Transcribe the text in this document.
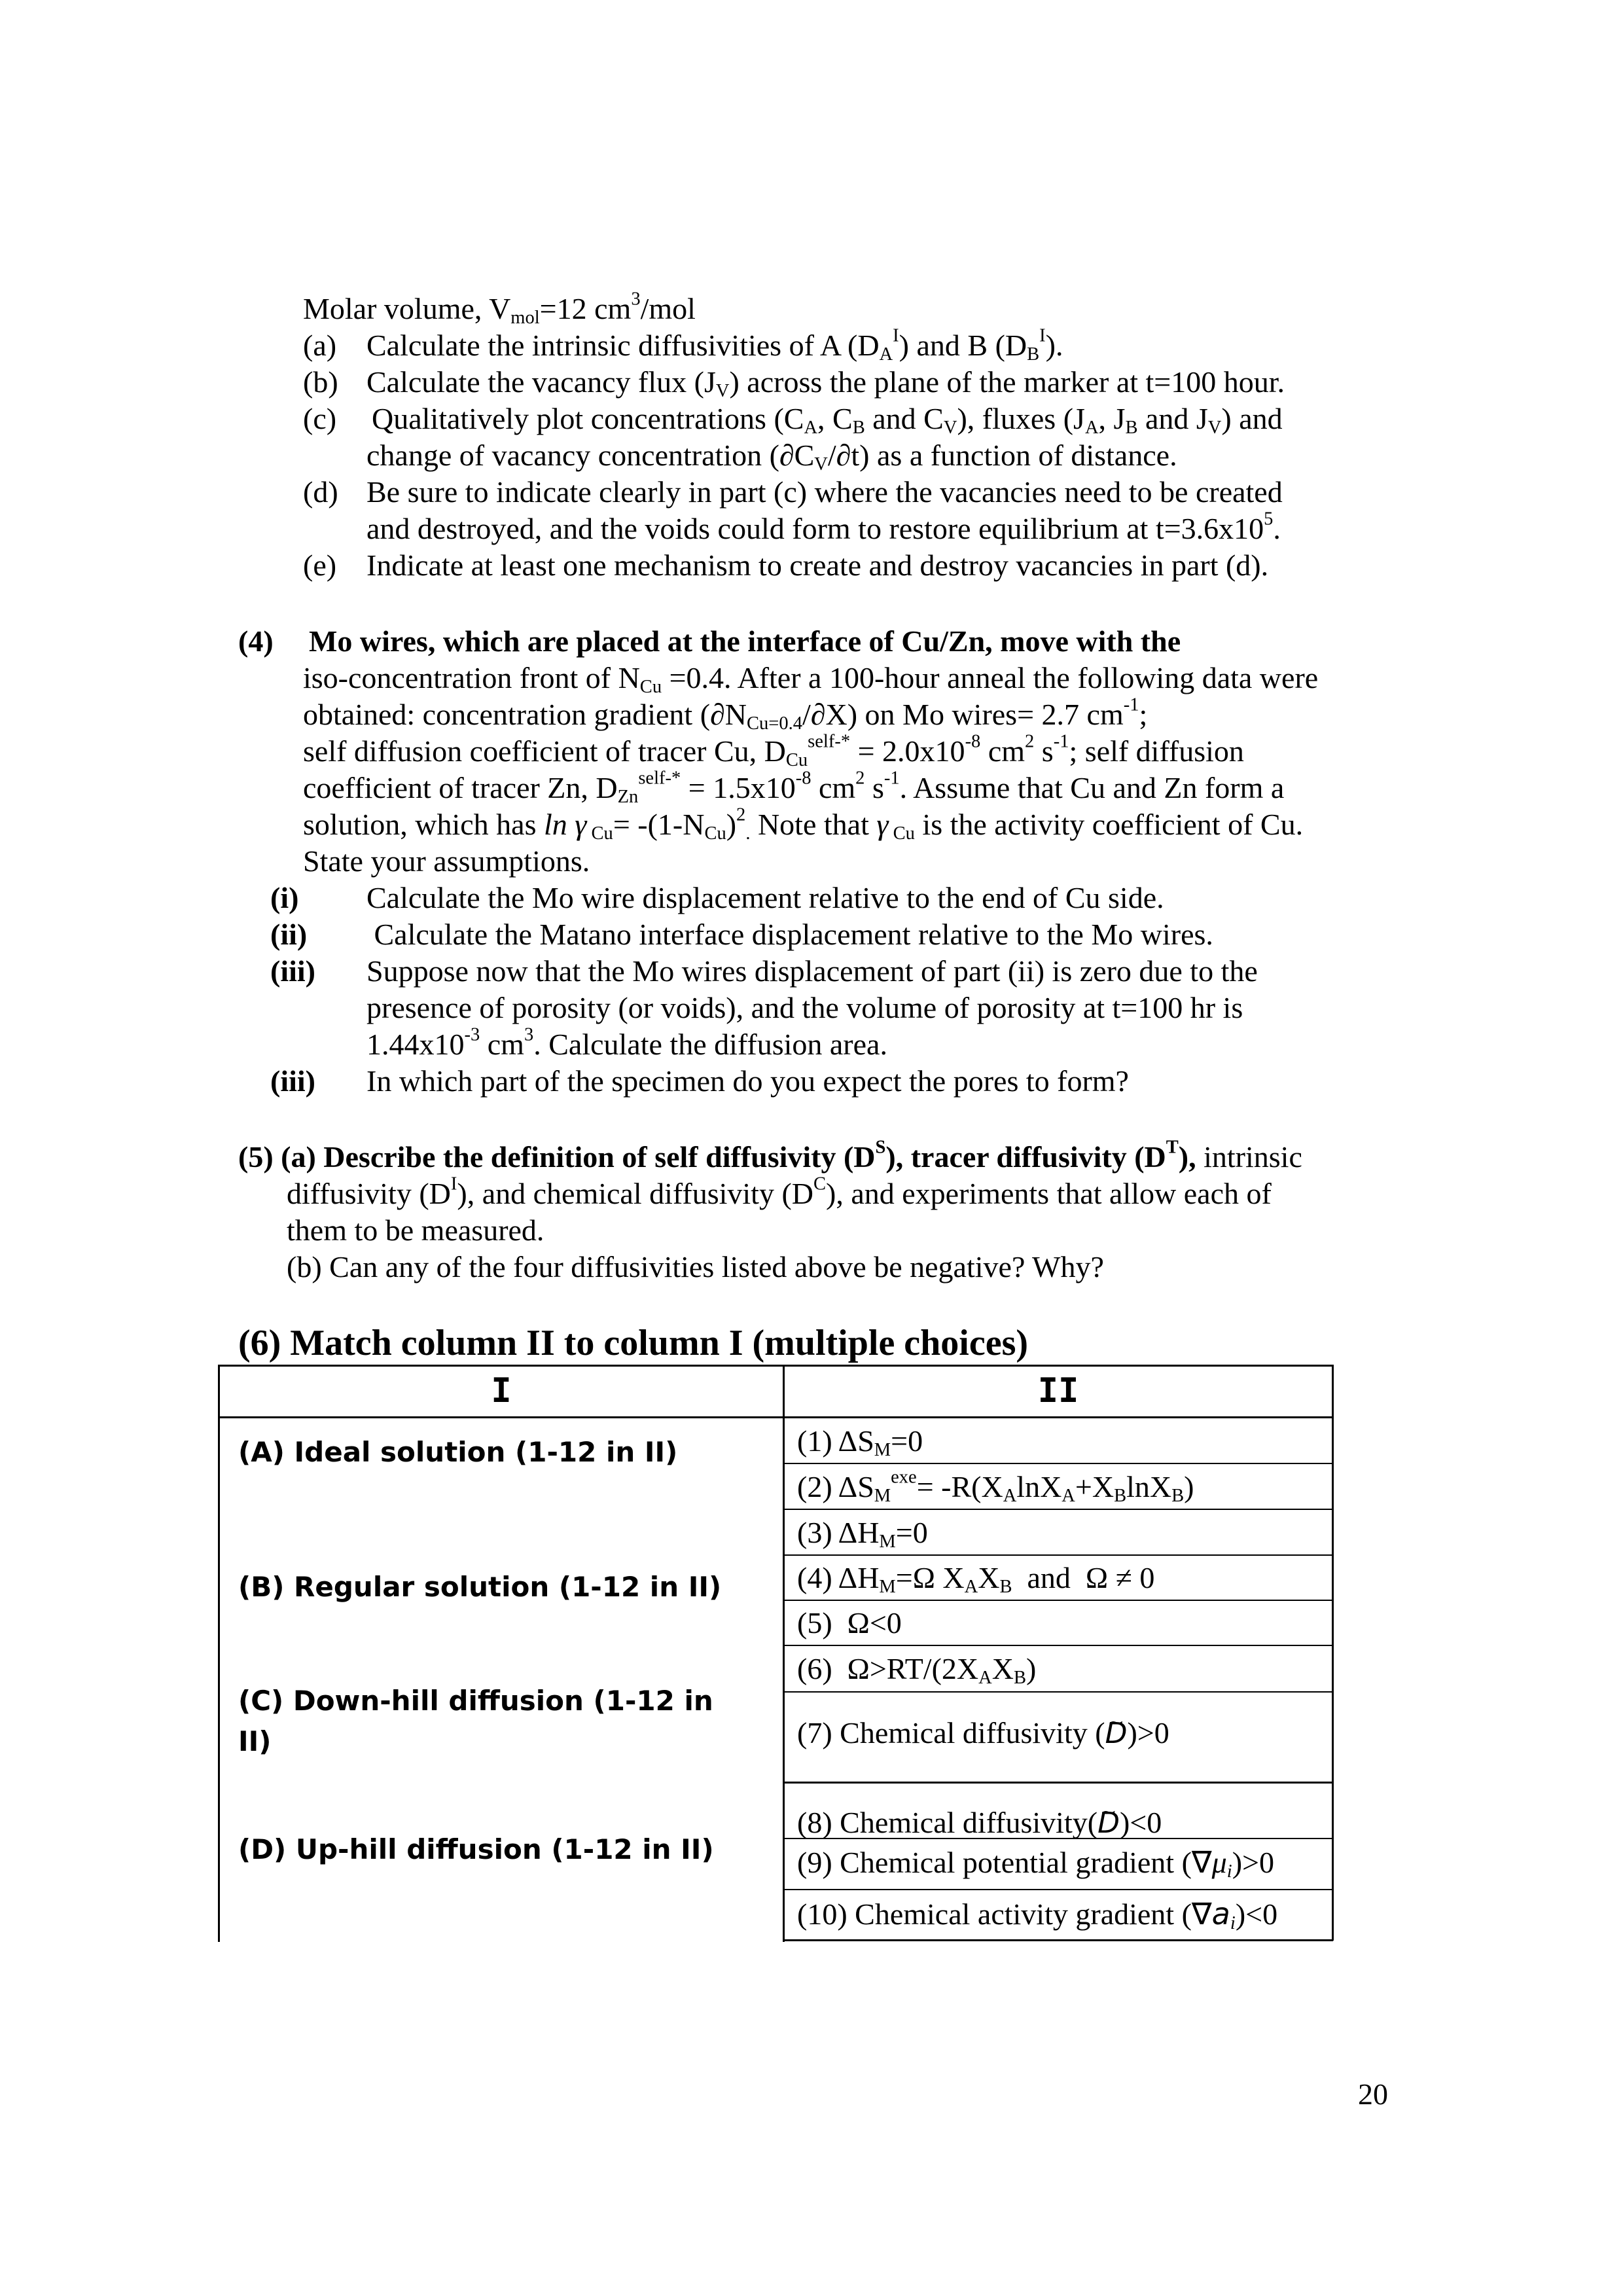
Molar volume, $V_{mol}=12$ $cm^3$/mol
(a) Calculate the intrinsic diffusivities of A $(D_A^I)$ and B $(D_B^I)$.
(b) Calculate the vacancy flux $(J_V)$ across the plane of the marker at t=100 hour.
(c) Qualitatively plot concentrations ($C_A$, $C_B$ and $C_V$), fluxes ($J_A$, $J_B$ and $J_V$) and
change of vacancy concentration $(\partial C_V/\partial t)$ as a function of distance.
(d) Be sure to indicate clearly in part (c) where the vacancies need to be created
and destroyed, and the voids could form to restore equilibrium at $t=3.6x10^5$.
(e) Indicate at least one mechanism to create and destroy vacancies in part (d).
(4) Mo wires, which are placed at the interface of Cu/Zn, move with the
iso-concentration front of $N_{Cu} =0.4$. After a 100-hour anneal the following data were
obtained: concentration gradient $(\partial N_{Cu=0.4}/\partial X)$ on Mo wires= 2.7 $cm^{-1}$;
self diffusion coefficient of tracer Cu, $D_{Cu}^{self-*} = 2.0x10^{-8}$ $cm^2$ $s^{-1}$; self diffusion
coefficient of tracer Zn, $D_{Zn}^{self-*} = 1.5x10^{-8}$ $cm^2$ $s^{-1}$. Assume that Cu and Zn form a
solution, which has ln γ $_{Cu}= -(1-N_{Cu})^2_.$ Note that γ $_{Cu}$ is the activity coefficient of Cu.
State your assumptions.
(i) Calculate the Mo wire displacement relative to the end of Cu side.
(ii) Calculate the Matano interface displacement relative to the Mo wires.
(iii) Suppose now that the Mo wires displacement of part (ii) is zero due to the
presence of porosity (or voids), and the volume of porosity at t=100 hr is
$1.44x10^{-3}$ $cm^3$. Calculate the diffusion area.
(iii) In which part of the specimen do you expect the pores to form?
(5) (a) Describe the definition of self diffusivity $(D^S)$, tracer diffusivity $(D^T)$, intrinsic
diffusivity $(D^I)$, and chemical diffusivity $(D^C)$, and experiments that allow each of
them to be measured.
(b) Can any of the four diffusivities listed above be negative? Why?
(6) Match column II to column I (multiple choices)
I	II
(A) Ideal solution (1-12 in II)
(B) Regular solution (1-12 in II)
(C) Down-hill diffusion (1-12 in
II)
(D) Up-hill diffusion (1-12 in II)
(1) $\Delta S_M=0$
(2) $\Delta S_M^{exe}= -R(X_A\ln X_A+X_B\ln X_B)$
(3) $\Delta H_M=0$
(4) $\Delta H_M=\Omega$ $X_AX_B$  and  Ω ≠ 0
(5)  Ω<0
(6)  $\Omega>RT/(2X_AX_B)$
(7) Chemical diffusivity (~ D)>0
(8) Chemical diffusivity(~ D)<0
(9) Chemical potential gradient $(\nabla\mu_i)>0$
(10) Chemical activity gradient $(\nabla a_i)<0$
20
